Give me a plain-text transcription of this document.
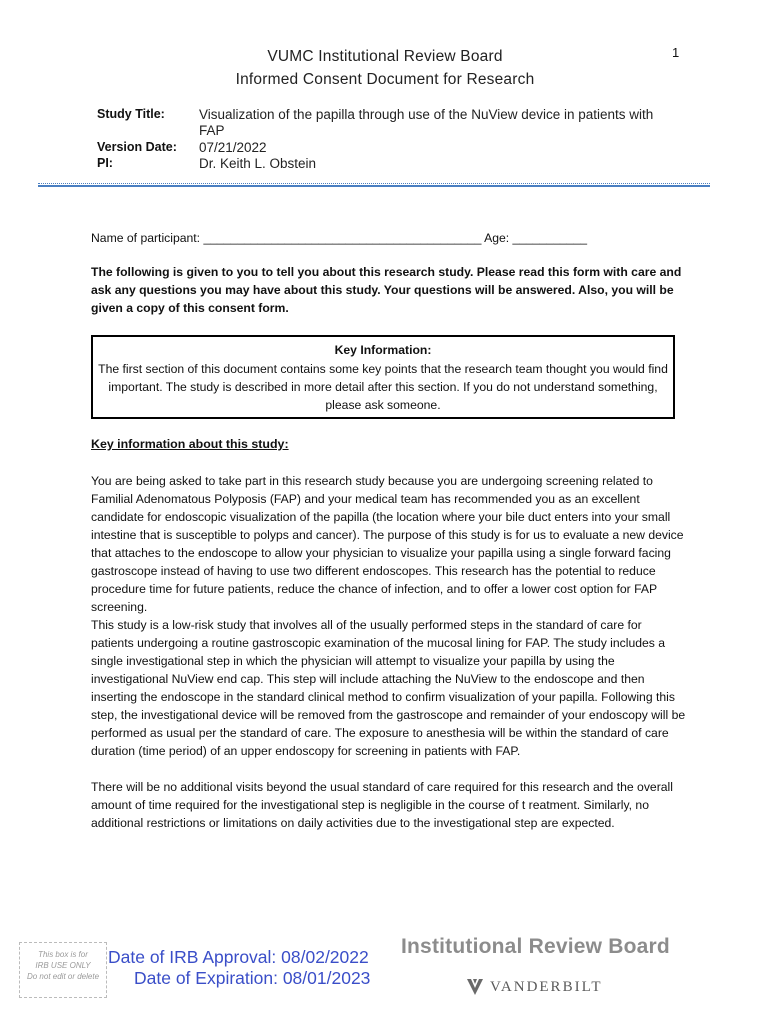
1
VUMC Institutional Review Board
Informed Consent Document for Research
Study Title:	Visualization of the papilla through use of the NuView device in patients with
FAP
Version Date: 07/21/2022
PI:	Dr. Keith L. Obstein
Name of participant: _________________________________________ Age: ___________
The following is given to you to tell you about this research study. Please read this form with care and ask any questions you may have about this study. Your questions will be answered. Also, you will be given a copy of this consent form.
Key Information:
The first section of this document contains some key points that the research team thought you would find important. The study is described in more detail after this section. If you do not understand something, please ask someone.
Key information about this study:

You are being asked to take part in this research study because you are undergoing screening related to Familial Adenomatous Polyposis (FAP) and your medical team has recommended you as an excellent candidate for endoscopic visualization of the papilla (the location where your bile duct enters into your small intestine that is susceptible to polyps and cancer). The purpose of this study is for us to evaluate a new device that attaches to the endoscope to allow your physician to visualize your papilla using a single forward facing gastroscope instead of having to use two different endoscopes. This research has the potential to reduce procedure time for future patients, reduce the chance of infection, and to offer a lower cost option for FAP screening.

This study is a low-risk study that involves all of the usually performed steps in the standard of care for patients undergoing a routine gastroscopic examination of the mucosal lining for FAP. The study includes a single investigational step in which the physician will attempt to visualize your papilla by using the investigational NuView end cap. This step will include attaching the NuView to the endoscope and then inserting the endoscope in the standard clinical method to confirm visualization of your papilla. Following this step, the investigational device will be removed from the gastroscope and remainder of your endoscopy will be performed as usual per the standard of care. The exposure to anesthesia will be within the standard of care duration (time period) of an upper endoscopy for screening in patients with FAP.

There will be no additional visits beyond the usual standard of care required for this research and the overall amount of time required for the investigational step is negligible in the course of t reatment. Similarly, no additional restrictions or limitations on daily activities due to the investigational step are expected.

This box is for
IRB USE ONLY
Do not edit or delete
Date of IRB Approval: 08/02/2022
Date of Expiration: 08/01/2023
Institutional Review Board
VANDERBILT
